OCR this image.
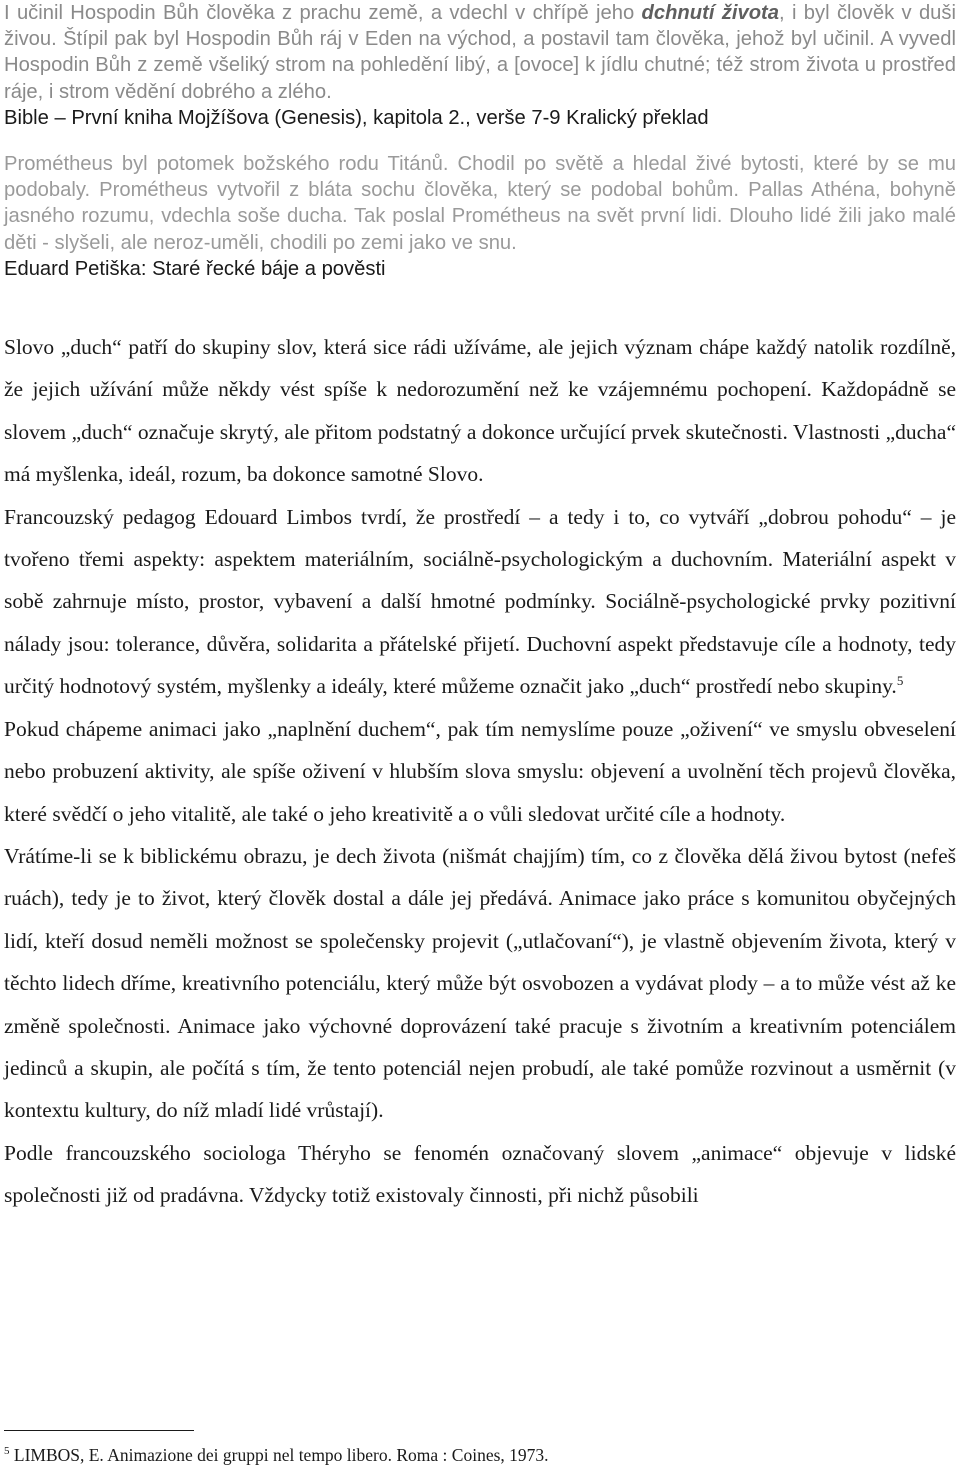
I učinil Hospodin Bůh člověka z prachu země, a vdechl v chřípě jeho dchnutí života, i byl člověk v duši živou. Štípil pak byl Hospodin Bůh ráj v Eden na východ, a postavil tam člověka, jehož byl učinil. A vyvedl Hospodin Bůh z země všeliký strom na pohledění libý, a [ovoce] k jídlu chutné; též strom života u prostřed ráje, i strom vědění dobrého a zlého.

Bible – První kniha Mojžíšova (Genesis), kapitola 2., verše 7-9 Kralický překlad

Prométheus byl potomek božského rodu Titánů. Chodil po světě a hledal živé bytosti, které by se mu podobaly. Prométheus vytvořil z bláta sochu člověka, který se podobal bohům. Pallas Athéna, bohyně jasného rozumu, vdechla soše ducha. Tak poslal Prométheus na svět první lidi. Dlouho lidé žili jako malé děti - slyšeli, ale neroz-uměli, chodili po zemi jako ve snu.

Eduard Petiška: Staré řecké báje a pověsti

Slovo „duch“ patří do skupiny slov, která sice rádi užíváme, ale jejich význam chápe každý natolik rozdílně, že jejich užívání může někdy vést spíše k nedorozumění než ke vzájemnému pochopení. Každopádně se slovem „duch“ označuje skrytý, ale přitom podstatný a dokonce určující prvek skutečnosti. Vlastnosti „ducha“ má myšlenka, ideál, rozum, ba dokonce samotné Slovo.

Francouzský pedagog Edouard Limbos tvrdí, že prostředí – a tedy i to, co vytváří „dobrou pohodu“ – je tvořeno třemi aspekty: aspektem materiálním, sociálně-psychologickým a duchovním. Materiální aspekt v sobě zahrnuje místo, prostor, vybavení a další hmotné podmínky. Sociálně-psychologické prvky pozitivní nálady jsou: tolerance, důvěra, solidarita a přátelské přijetí. Duchovní aspekt představuje cíle a hodnoty, tedy určitý hodnotový systém, myšlenky a ideály, které můžeme označit jako „duch“ prostředí nebo skupiny.$^5$

Pokud chápeme animaci jako „naplnění duchem“, pak tím nemyslíme pouze „oživení“ ve smyslu obveselení nebo probuzení aktivity, ale spíše oživení v hlubším slova smyslu: objevení a uvolnění těch projevů člověka, které svědčí o jeho vitalitě, ale také o jeho kreativitě a o vůli sledovat určité cíle a hodnoty.

Vrátíme-li se k biblickému obrazu, je dech života (nišmát chajjím) tím, co z člověka dělá živou bytost (nefeš ruách), tedy je to život, který člověk dostal a dále jej předává. Animace jako práce s komunitou obyčejných lidí, kteří dosud neměli možnost se společensky projevit („utlačovaní“), je vlastně objevením života, který v těchto lidech dříme, kreativního potenciálu, který může být osvobozen a vydávat plody – a to může vést až ke změně společnosti. Animace jako výchovné doprovázení také pracuje s životním a kreativním potenciálem jedinců a skupin, ale počítá s tím, že tento potenciál nejen probudí, ale také pomůže rozvinout a usměrnit (v kontextu kultury, do níž mladí lidé vrůstají).

Podle francouzského sociologa Théryho se fenomén označovaný slovem „animace“ objevuje v lidské společnosti již od pradávna. Vždycky totiž existovaly činnosti, při nichž působili

$^5$ LIMBOS, E. Animazione dei gruppi nel tempo libero. Roma : Coines, 1973.
